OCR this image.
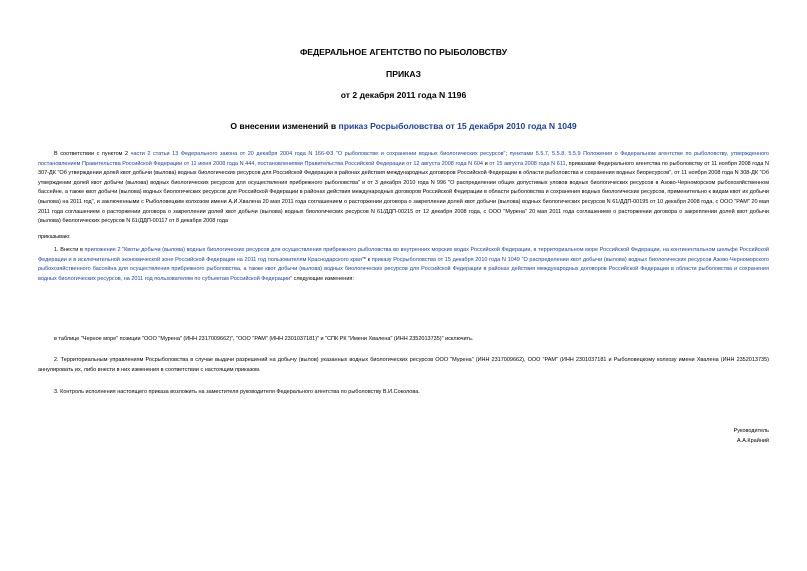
ФЕДЕРАЛЬНОЕ АГЕНТСТВО ПО РЫБОЛОВСТВУ
ПРИКАЗ
от 2 декабря 2011 года N 1196
О внесении изменений в приказ Росрыболовства от 15 декабря 2010 года N 1049

В соответствии с пунктом 2 части 2 статьи 13 Федерального закона от 20 декабря 2004 года N 166-ФЗ "О рыболовстве и сохранении водных биологических ресурсов"; пунктами 5.5.7, 5.5.8, 5.5.9 Положения о Федеральном агентстве по рыболовству, утвержденного постановлением Правительства Российской Федерации от 11 июня 2008 года N 444, постановлениями Правительства Российской Федерации от 12 августа 2008 года N 604 и от 15 августа 2008 года N 611, приказами Федерального агентства по рыболовству от 11 ноября 2008 года N 307-ДК "Об утверждении долей квот добычи (вылова) водных биологических ресурсов для Российской Федерации в районах действия международных договоров Российской Федерации в области рыболовства и сохранения водных биоресурсов", от 11 ноября 2008 года N 308-ДК "Об утверждении долей квот добычи (вылова) водных биологических ресурсов для осуществления прибрежного рыболовства" и от 3 декабря 2010 года N 996 "О распределении общих допустимых уловов водных биологических ресурсов в Азово-Черноморском рыбохозяйственном бассейне, а также квот добычи (вылова) водных биологических ресурсов для Российской Федерации в районах действия международных договоров Российской Федерации в области рыболовства и сохранения водных биологических ресурсов, применительно к видам квот их добычи (вылова) на 2011 год", и заключенными с Рыболовецким колхозом имени А.И.Хвалена 20 мая 2011 года соглашением о расторжении договора о закреплении долей квот добычи (вылова) водных биологических ресурсов N 61/ДДП-00195 от 10 декабря 2008 года, с ООО "РАМ" 20 мая 2011 года соглашением о расторжении договора о закреплении долей квот добычи (вылова) водных биологических ресурсов N 61/ДДП-00215 от 12 декабря 2008 года, с ООО "Мурена" 20 мая 2011 года соглашением о расторжении договора о закреплении долей квот добычи (вылова) биологических ресурсов N 61/ДДП-00117 от 8 декабря 2008 года

приказываю:

1. Внести в приложение 2 "Квоты добычи (вылова) водных биологических ресурсов для осуществления прибрежного рыболовства во внутренних морских водах Российской Федерации, в территориальном море Российской Федерации, на континентальном шельфе Российской Федерации и в исключительной экономической зоне Российской Федерации на 2011 год пользователям Краснодарского края"* к приказу Росрыболовства от 15 декабря 2010 года N 1049 "О распределении квот добычи (вылова) водных биологических ресурсов Азово-Черноморского рыбохозяйственного бассейна для осуществления прибрежного рыболовства, а также квот добычи (вылова) водных биологических ресурсов для Российской Федерации в районах действия международных договоров Российской Федерации в области рыболовства и сохранения водных биологических ресурсов, на 2011 год пользователям по субъектам Российской Федерации" следующие изменения:

в таблице "Черное море" позиции "ООО "Мурена" (ИНН 2317009662)", "ООО "РАМ" (ИНН 2301037181)" и "СПК РК "Имени Хвалена" (ИНН 2352013735)" исключить.

2. Территориальным управлениям Росрыболовства в случае выдачи разрешений на добычу (вылов) указанных водных биологических ресурсов ООО "Мурена" (ИНН 2317009662), ООО "РАМ" (ИНН 2301037181 и Рыболовецкому колхозу имени Хвалена (ИНН 2352013735) аннулировать их, либо внести в них изменения в соответствии с настоящим приказом.

3. Контроль исполнения настоящего приказа возложить на заместителя руководителя Федерального агентства по рыболовству В.И.Соколова.

Руководитель
А.А.Крайний
